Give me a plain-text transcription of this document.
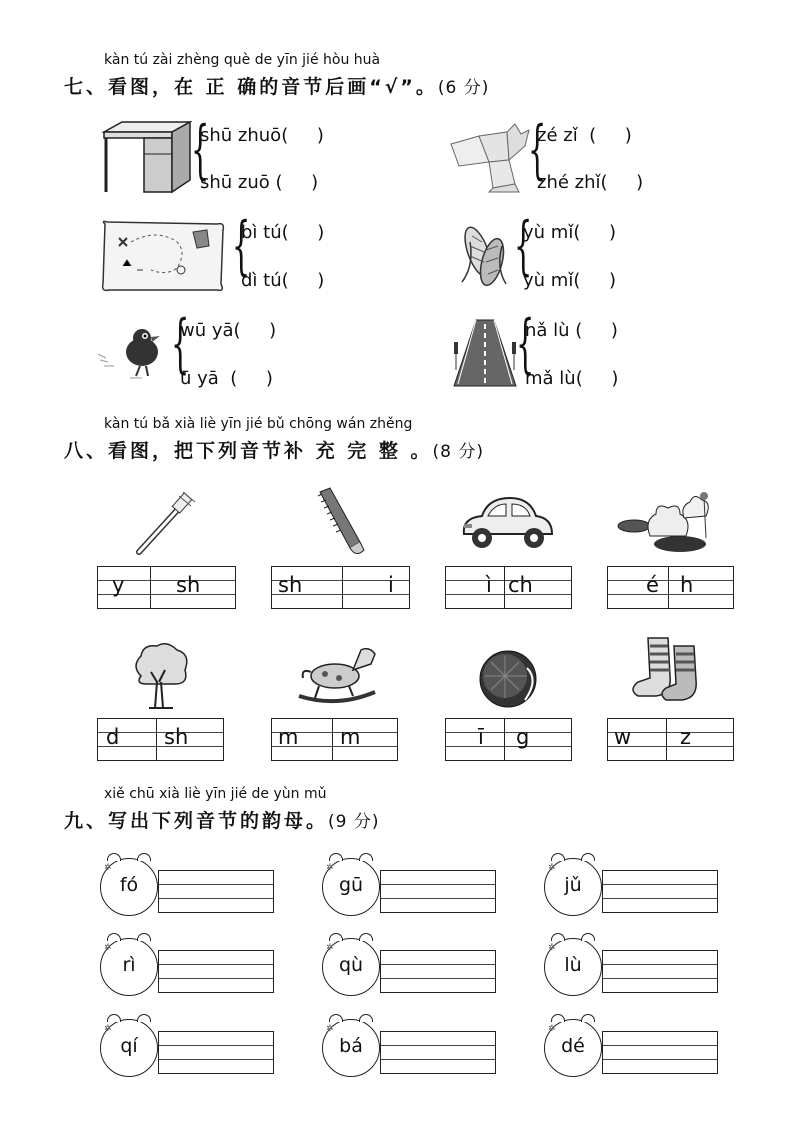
kàn tú zài zhèng què de yīn jié hòu huà
七、看图，在 正 确的音节后画“√”。(6 分)
{
shū zhuō(     )
shū zuō (     )	{
zé zǐ  (     )
zhé zhǐ(     )
{
bì tú(     )
dì tú(     )	{
yù mǐ(     )
yù mǐ(     )
{
wū yā(     )
ū yā  (     )	{
nǎ lù (     )
mǎ lù(     )
kàn tú bǎ xià liè yīn jié bǔ chōng wán zhěng
八、看图，把下列音节补 充 完 整 。(8 分)
y sh	sh	i	ì ch	é h
d sh	m m	ī g	w z
xiě chū xià liè yīn jié de yùn mǔ
九、写出下列音节的韵母。(9 分)
✲
fó
✲
gū
✲
jǔ
✲
rì
✲
qù
✲
lù
✲
qí
✲
bá
✲
dé
